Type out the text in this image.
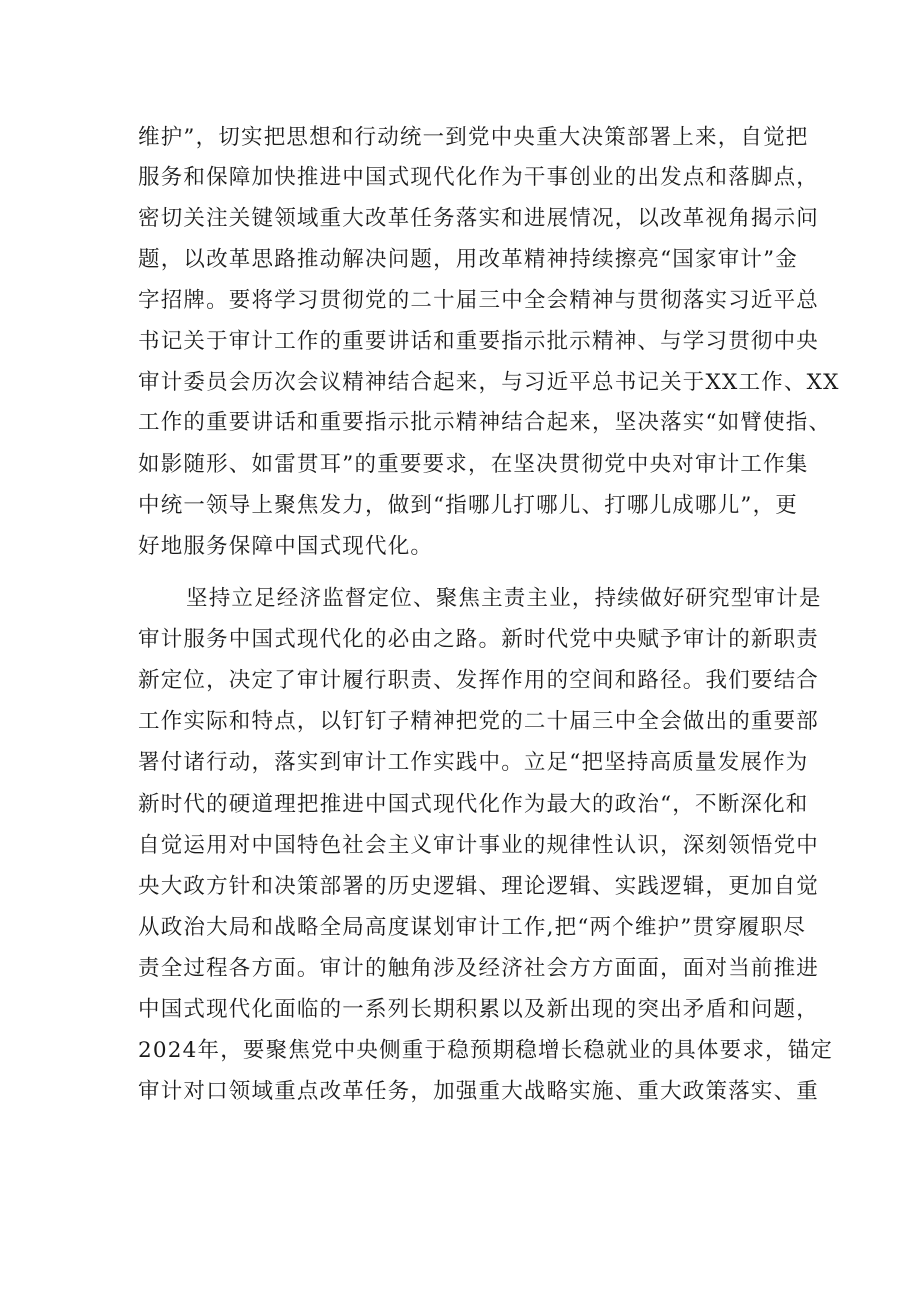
维护”，切实把思想和行动统一到党中央重大决策部署上来，自觉把
服务和保障加快推进中国式现代化作为干事创业的出发点和落脚点，
密切关注关键领域重大改革任务落实和进展情况，以改革视角揭示问
题，以改革思路推动解决问题，用改革精神持续擦亮“国家审计”金
字招牌。要将学习贯彻党的二十届三中全会精神与贯彻落实习近平总
书记关于审计工作的重要讲话和重要指示批示精神、与学习贯彻中央
审计委员会历次会议精神结合起来，与习近平总书记关于XX工作、XX
工作的重要讲话和重要指示批示精神结合起来，坚决落实“如臂使指、
如影随形、如雷贯耳”的重要要求，在坚决贯彻党中央对审计工作集
中统一领导上聚焦发力，做到“指哪儿打哪儿、打哪儿成哪儿”，更
好地服务保障中国式现代化。
坚持立足经济监督定位、聚焦主责主业，持续做好研究型审计是
审计服务中国式现代化的必由之路。新时代党中央赋予审计的新职责
新定位，决定了审计履行职责、发挥作用的空间和路径。我们要结合
工作实际和特点，以钉钉子精神把党的二十届三中全会做出的重要部
署付诸行动，落实到审计工作实践中。立足“把坚持高质量发展作为
新时代的硬道理把推进中国式现代化作为最大的政治“，不断深化和
自觉运用对中国特色社会主义审计事业的规律性认识，深刻领悟党中
央大政方针和决策部署的历史逻辑、理论逻辑、实践逻辑，更加自觉
从政治大局和战略全局高度谋划审计工作,把“两个维护”贯穿履职尽
责全过程各方面。审计的触角涉及经济社会方方面面，面对当前推进
中国式现代化面临的一系列长期积累以及新出现的突出矛盾和问题，
2024年，要聚焦党中央侧重于稳预期稳增长稳就业的具体要求，锚定
审计对口领域重点改革任务，加强重大战略实施、重大政策落实、重
